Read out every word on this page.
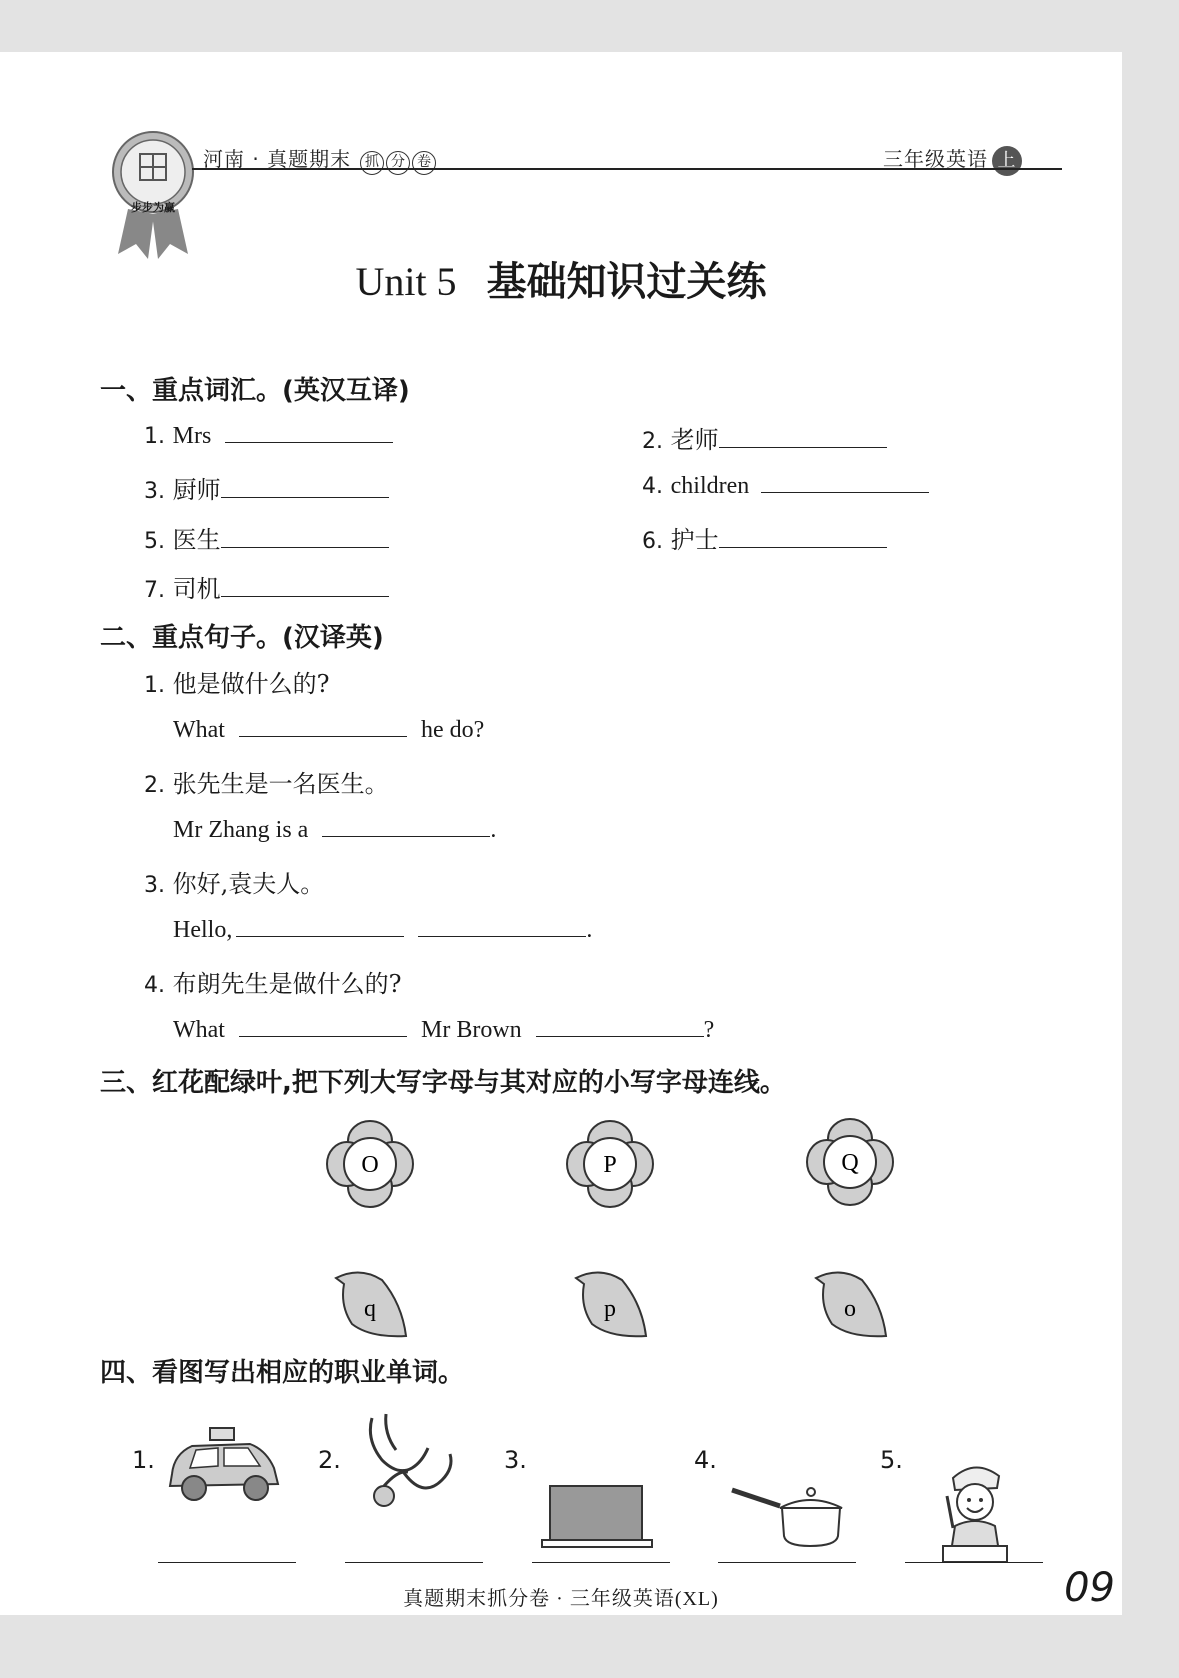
步步为赢
河南 · 真题期末 抓 分 卷	三年级英语 上
Unit 5 基础知识过关练
一、重点词汇。(英汉互译)
1. Mrs	2. 老师
3. 厨师	4. children
5. 医生	6. 护士
7. 司机
二、重点句子。(汉译英)
1. 他是做什么的?
What	he do?
2. 张先生是一名医生。
Mr Zhang is a	.
3. 你好,袁夫人。
Hello,	.
4. 布朗先生是做什么的?
What	Mr Brown	?
三、红花配绿叶,把下列大写字母与其对应的小写字母连线。
O	P	Q
q	p	o
四、看图写出相应的职业单词。
1.	2.	3.	4.	5.
真题期末抓分卷 · 三年级英语(XL)	09
